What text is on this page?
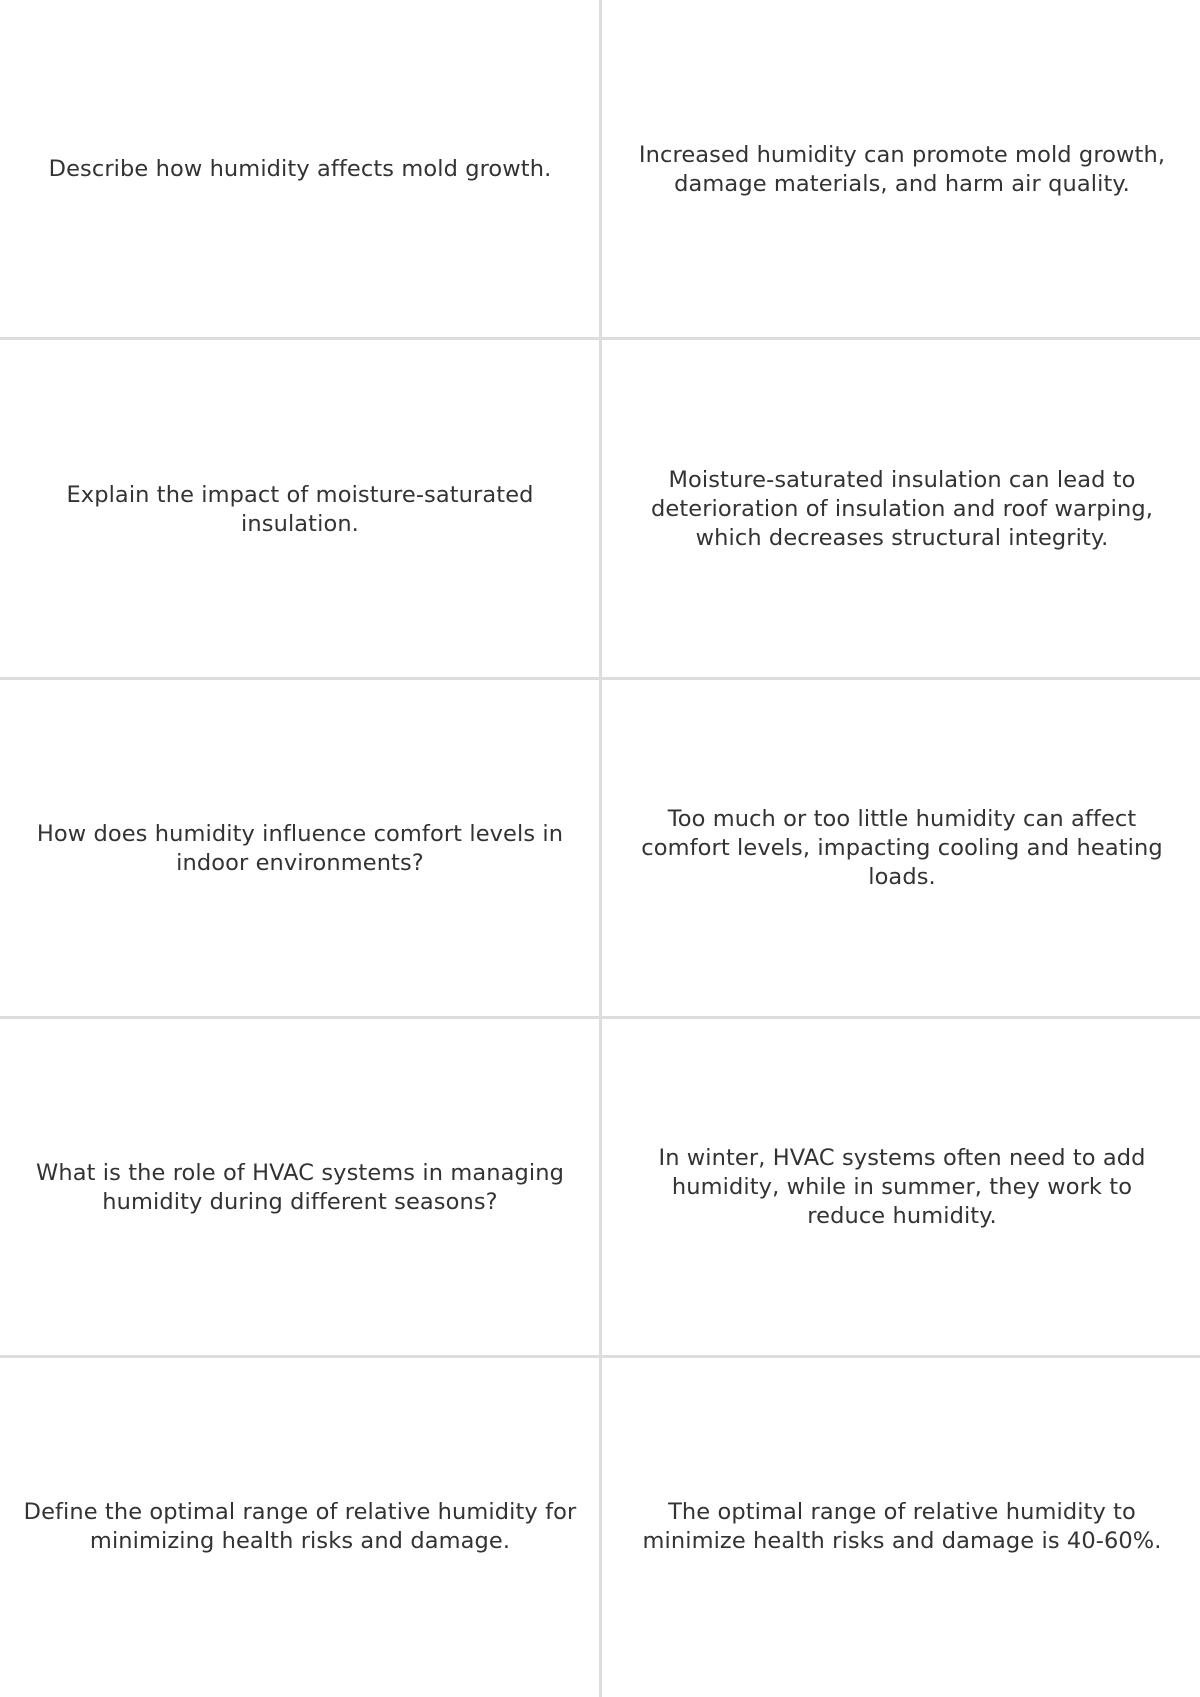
Describe how humidity affects mold growth.
Increased humidity can promote mold growth, damage materials, and harm air quality.
Explain the impact of moisture-saturated insulation.
Moisture-saturated insulation can lead to deterioration of insulation and roof warping, which decreases structural integrity.
How does humidity influence comfort levels in indoor environments?
Too much or too little humidity can affect comfort levels, impacting cooling and heating loads.
What is the role of HVAC systems in managing humidity during different seasons?
In winter, HVAC systems often need to add humidity, while in summer, they work to reduce humidity.
Define the optimal range of relative humidity for minimizing health risks and damage.
The optimal range of relative humidity to minimize health risks and damage is 40-60%.
